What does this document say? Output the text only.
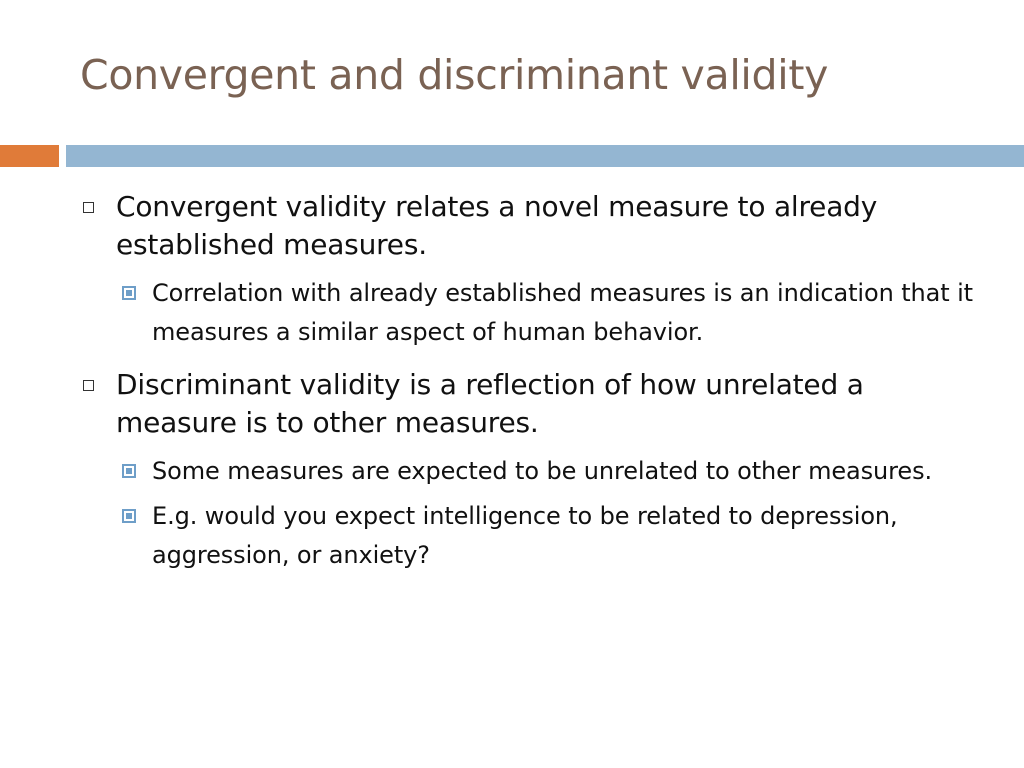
Convergent and discriminant validity
Convergent validity relates a novel measure to already established measures.
Correlation with already established measures is an indication that it measures a similar aspect of human behavior.
Discriminant validity is a reflection of how unrelated a measure is to other measures.
Some measures are expected to be unrelated to other measures.
E.g. would you expect intelligence to be related to depression, aggression, or anxiety?
